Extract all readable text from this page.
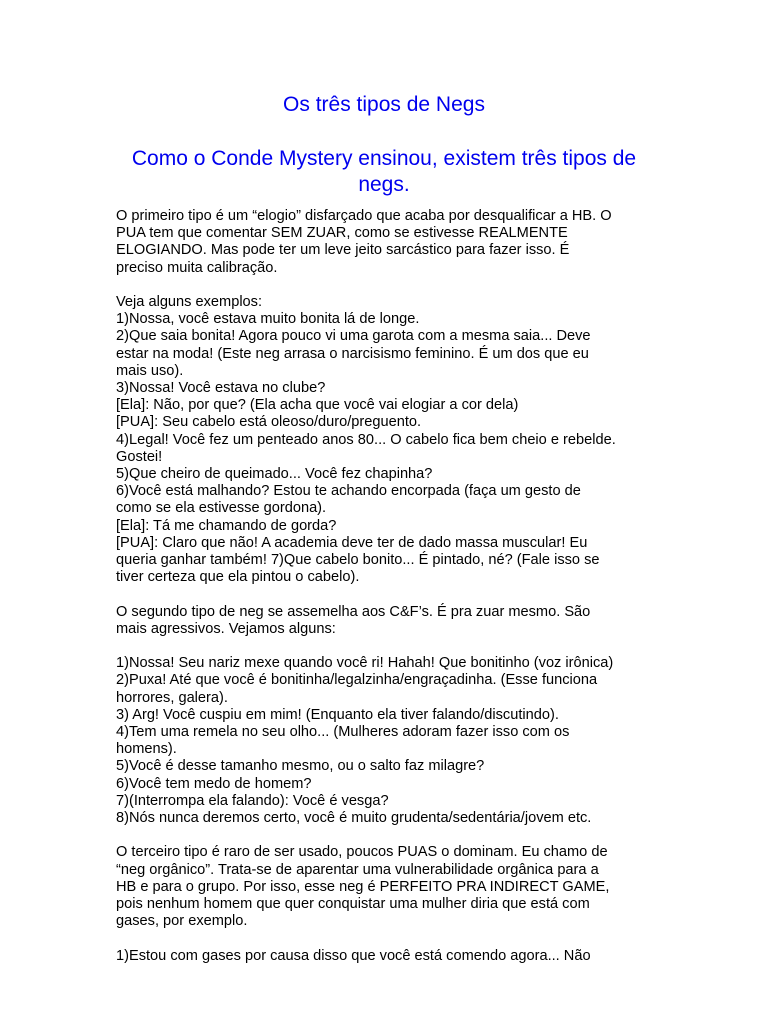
Os três tipos de Negs
Como o Conde Mystery ensinou, existem três tipos de negs.

O primeiro tipo é um “elogio” disfarçado que acaba por desqualificar a HB. O
PUA tem que comentar SEM ZUAR, como se estivesse REALMENTE
ELOGIANDO. Mas pode ter um leve jeito sarcástico para fazer isso. É
preciso muita calibração.

Veja alguns exemplos:
1)Nossa, você estava muito bonita lá de longe.
2)Que saia bonita! Agora pouco vi uma garota com a mesma saia... Deve
estar na moda! (Este neg arrasa o narcisismo feminino. É um dos que eu
mais uso).
3)Nossa! Você estava no clube?
[Ela]: Não, por que? (Ela acha que você vai elogiar a cor dela)
[PUA]: Seu cabelo está oleoso/duro/preguento.
4)Legal! Você fez um penteado anos 80... O cabelo fica bem cheio e rebelde.
Gostei!
5)Que cheiro de queimado... Você fez chapinha?
6)Você está malhando? Estou te achando encorpada (faça um gesto de
como se ela estivesse gordona).
[Ela]: Tá me chamando de gorda?
[PUA]: Claro que não! A academia deve ter de dado massa muscular! Eu
queria ganhar também! 7)Que cabelo bonito... É pintado, né? (Fale isso se
tiver certeza que ela pintou o cabelo).

O segundo tipo de neg se assemelha aos C&F’s. É pra zuar mesmo. São
mais agressivos. Vejamos alguns:

1)Nossa! Seu nariz mexe quando você ri! Hahah! Que bonitinho (voz irônica)
2)Puxa! Até que você é bonitinha/legalzinha/engraçadinha. (Esse funciona
horrores, galera).
3) Arg! Você cuspiu em mim! (Enquanto ela tiver falando/discutindo).
4)Tem uma remela no seu olho... (Mulheres adoram fazer isso com os
homens).
5)Você é desse tamanho mesmo, ou o salto faz milagre?
6)Você tem medo de homem?
7)(Interrompa ela falando): Você é vesga?
8)Nós nunca deremos certo, você é muito grudenta/sedentária/jovem etc.

O terceiro tipo é raro de ser usado, poucos PUAS o dominam. Eu chamo de
“neg orgânico”. Trata-se de aparentar uma vulnerabilidade orgânica para a
HB e para o grupo. Por isso, esse neg é PERFEITO PRA INDIRECT GAME,
pois nenhum homem que quer conquistar uma mulher diria que está com
gases, por exemplo.

1)Estou com gases por causa disso que você está comendo agora... Não
